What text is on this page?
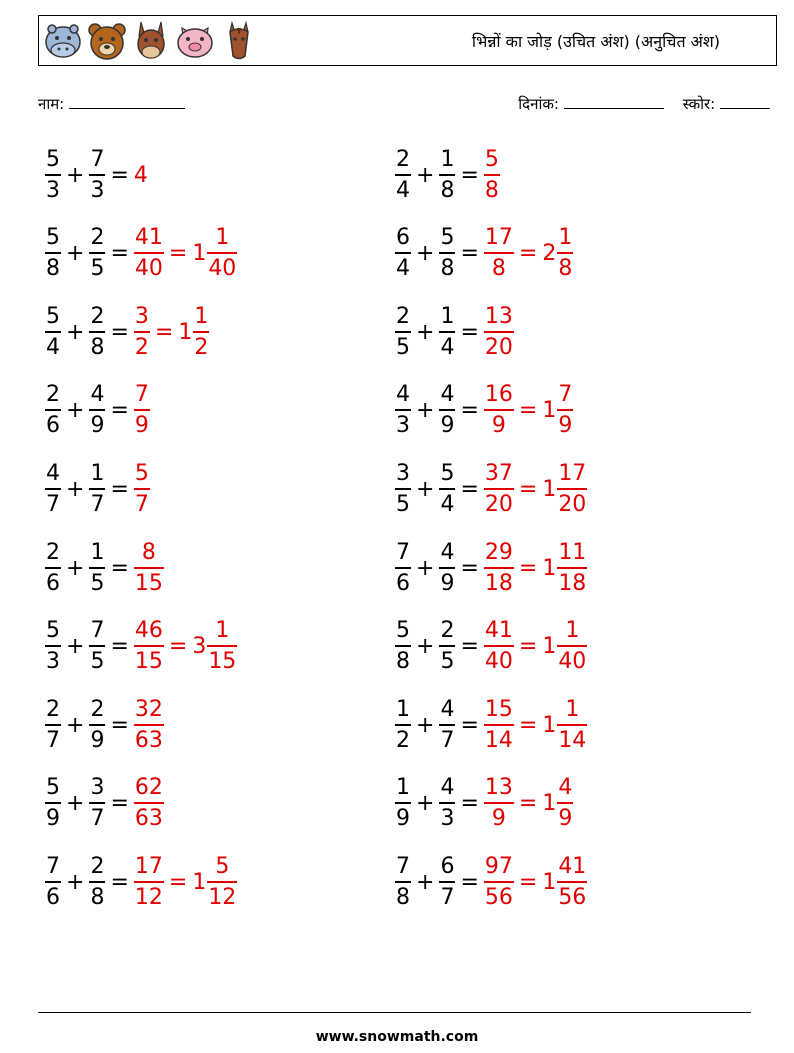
भिन्नों का जोड़ (उचित अंश) (अनुचित अंश)
नाम:	दिनांक:	स्कोर:
$\frac{5}{3} + \frac{7}{3} = 4$	$\frac{2}{4} + \frac{1}{8} = \frac{5}{8}$
$\frac{5}{8} + \frac{2}{5} = \frac{41}{40} = 1 \frac{1}{40}$	$\frac{6}{4} + \frac{5}{8} = \frac{17}{8} = 2 \frac{1}{8}$
$\frac{5}{4} + \frac{2}{8} = \frac{3}{2} = 1 \frac{1}{2}$	$\frac{2}{5} + \frac{1}{4} = \frac{13}{20}$
$\frac{2}{6} + \frac{4}{9} = \frac{7}{9}$	$\frac{4}{3} + \frac{4}{9} = \frac{16}{9} = 1 \frac{7}{9}$
$\frac{4}{7} + \frac{1}{7} = \frac{5}{7}$	$\frac{3}{5} + \frac{5}{4} = \frac{37}{20} = 1 \frac{17}{20}$
$\frac{2}{6} + \frac{1}{5} = \frac{8}{15}$	$\frac{7}{6} + \frac{4}{9} = \frac{29}{18} = 1 \frac{11}{18}$
$\frac{5}{3} + \frac{7}{5} = \frac{46}{15} = 3 \frac{1}{15}$	$\frac{5}{8} + \frac{2}{5} = \frac{41}{40} = 1 \frac{1}{40}$
$\frac{2}{7} + \frac{2}{9} = \frac{32}{63}$	$\frac{1}{2} + \frac{4}{7} = \frac{15}{14} = 1 \frac{1}{14}$
$\frac{5}{9} + \frac{3}{7} = \frac{62}{63}$	$\frac{1}{9} + \frac{4}{3} = \frac{13}{9} = 1 \frac{4}{9}$
$\frac{7}{6} + \frac{2}{8} = \frac{17}{12} = 1 \frac{5}{12}$	$\frac{7}{8} + \frac{6}{7} = \frac{97}{56} = 1 \frac{41}{56}$
www.snowmath.com
